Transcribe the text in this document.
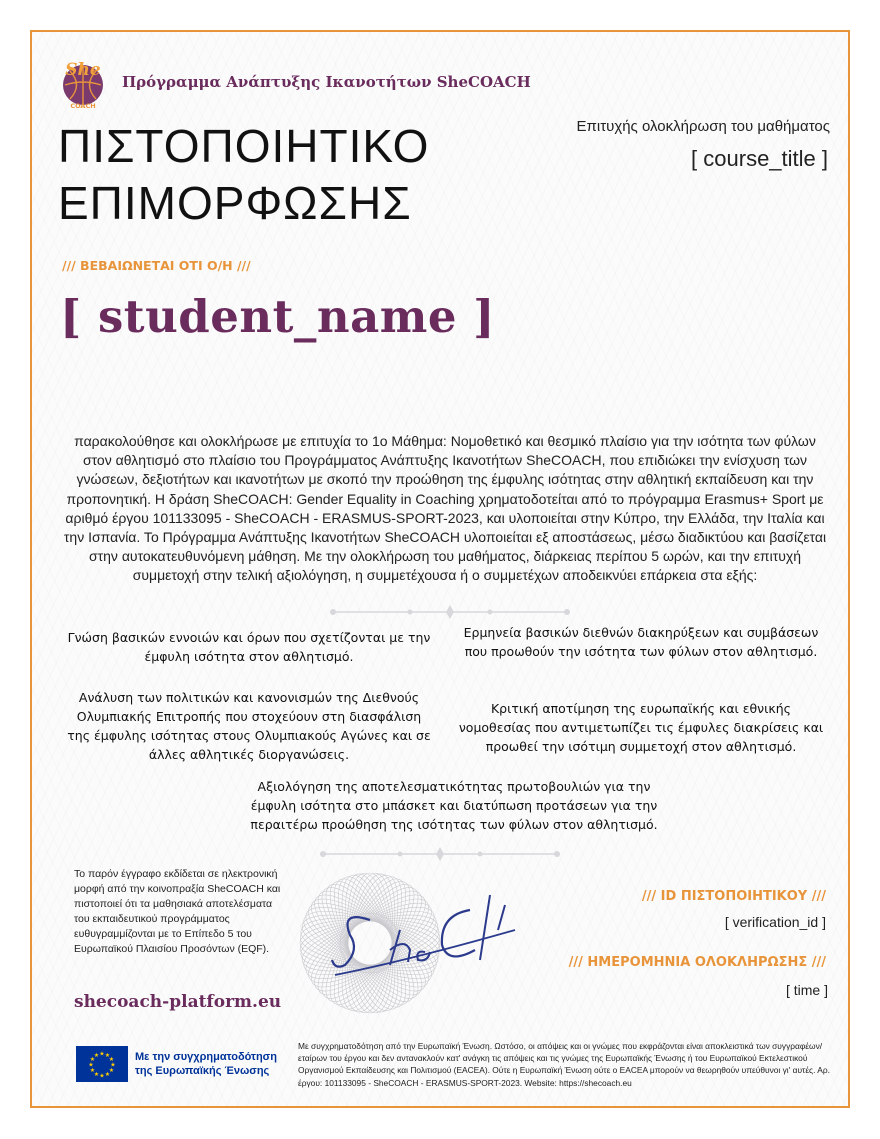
She
COACH
Πρόγραμμα Ανάπτυξης Ικανοτήτων SheCOACH
ΠΙΣΤΟΠΟΙΗΤΙΚΟ
ΕΠΙΜΟΡΦΩΣΗΣ
Επιτυχής ολοκλήρωση του μαθήματος
[ course_title ]
/// ΒΕΒΑΙΩΝΕΤΑΙ ΟΤΙ Ο/Η ///
[ student_name ]
παρακολούθησε και ολοκλήρωσε με επιτυχία το 1ο Μάθημα: Νομοθετικό και θεσμικό πλαίσιο για την ισότητα των φύλων στον αθλητισμό στο πλαίσιο του Προγράμματος Ανάπτυξης Ικανοτήτων SheCOACH, που επιδιώκει την ενίσχυση των γνώσεων, δεξιοτήτων και ικανοτήτων με σκοπό την προώθηση της έμφυλης ισότητας στην αθλητική εκπαίδευση και την προπονητική. Η δράση SheCOACH: Gender Equality in Coaching χρηματοδοτείται από το πρόγραμμα Erasmus+ Sport με αριθμό έργου 101133095 - SheCOACH - ERASMUS-SPORT-2023, και υλοποιείται στην Κύπρο, την Ελλάδα, την Ιταλία και την Ισπανία. Το Πρόγραμμα Ανάπτυξης Ικανοτήτων SheCOACH υλοποιείται εξ αποστάσεως, μέσω διαδικτύου και βασίζεται στην αυτοκατευθυνόμενη μάθηση. Με την ολοκλήρωση του μαθήματος, διάρκειας περίπου 5 ωρών, και την επιτυχή συμμετοχή στην τελική αξιολόγηση, η συμμετέχουσα ή ο συμμετέχων αποδεικνύει επάρκεια στα εξής:
Γνώση βασικών εννοιών και όρων που σχετίζονται με την έμφυλη ισότητα στον αθλητισμό.
Ερμηνεία βασικών διεθνών διακηρύξεων και συμβάσεων που προωθούν την ισότητα των φύλων στον αθλητισμό.
Ανάλυση των πολιτικών και κανονισμών της Διεθνούς Ολυμπιακής Επιτροπής που στοχεύουν στη διασφάλιση της έμφυλης ισότητας στους Ολυμπιακούς Αγώνες και σε άλλες αθλητικές διοργανώσεις.
Κριτική αποτίμηση της ευρωπαϊκής και εθνικής νομοθεσίας που αντιμετωπίζει τις έμφυλες διακρίσεις και προωθεί την ισότιμη συμμετοχή στον αθλητισμό.
Αξιολόγηση της αποτελεσματικότητας πρωτοβουλιών για την έμφυλη ισότητα στο μπάσκετ και διατύπωση προτάσεων για την περαιτέρω προώθηση της ισότητας των φύλων στον αθλητισμό.
Το παρόν έγγραφο εκδίδεται σε ηλεκτρονική μορφή από την κοινοπραξία SheCOACH και πιστοποιεί ότι τα μαθησιακά αποτελέσματα του εκπαιδευτικού προγράμματος ευθυγραμμίζονται με το Επίπεδο 5 του Ευρωπαϊκού Πλαισίου Προσόντων (EQF).
shecoach-platform.eu
/// ID ΠΙΣΤΟΠΟΙΗΤΙΚΟΥ ///
[ verification_id ]
/// ΗΜΕΡΟΜΗΝΙΑ ΟΛΟΚΛΗΡΩΣΗΣ ///
[ time ]
★
★
★
★
★
★
★
★
★ ★ ★
★ Με την συγχρηματοδότηση
της Ευρωπαϊκής Ένωσης
Με συγχρηματοδότηση από την Ευρωπαϊκή Ένωση. Ωστόσο, οι απόψεις και οι γνώμες που εκφράζονται είναι αποκλειστικά των συγγραφέων/εταίρων του έργου και δεν αντανακλούν κατ' ανάγκη τις απόψεις και τις γνώμες της Ευρωπαϊκής Ένωσης ή του Ευρωπαϊκού Εκτελεστικού Οργανισμού Εκπαίδευσης και Πολιτισμού (EACEA). Ούτε η Ευρωπαϊκή Ένωση ούτε ο EACEA μπορούν να θεωρηθούν υπεύθυνοι γι' αυτές. Αρ. έργου: 101133095 - SheCOACH - ERASMUS-SPORT-2023. Website: https://shecoach.eu
